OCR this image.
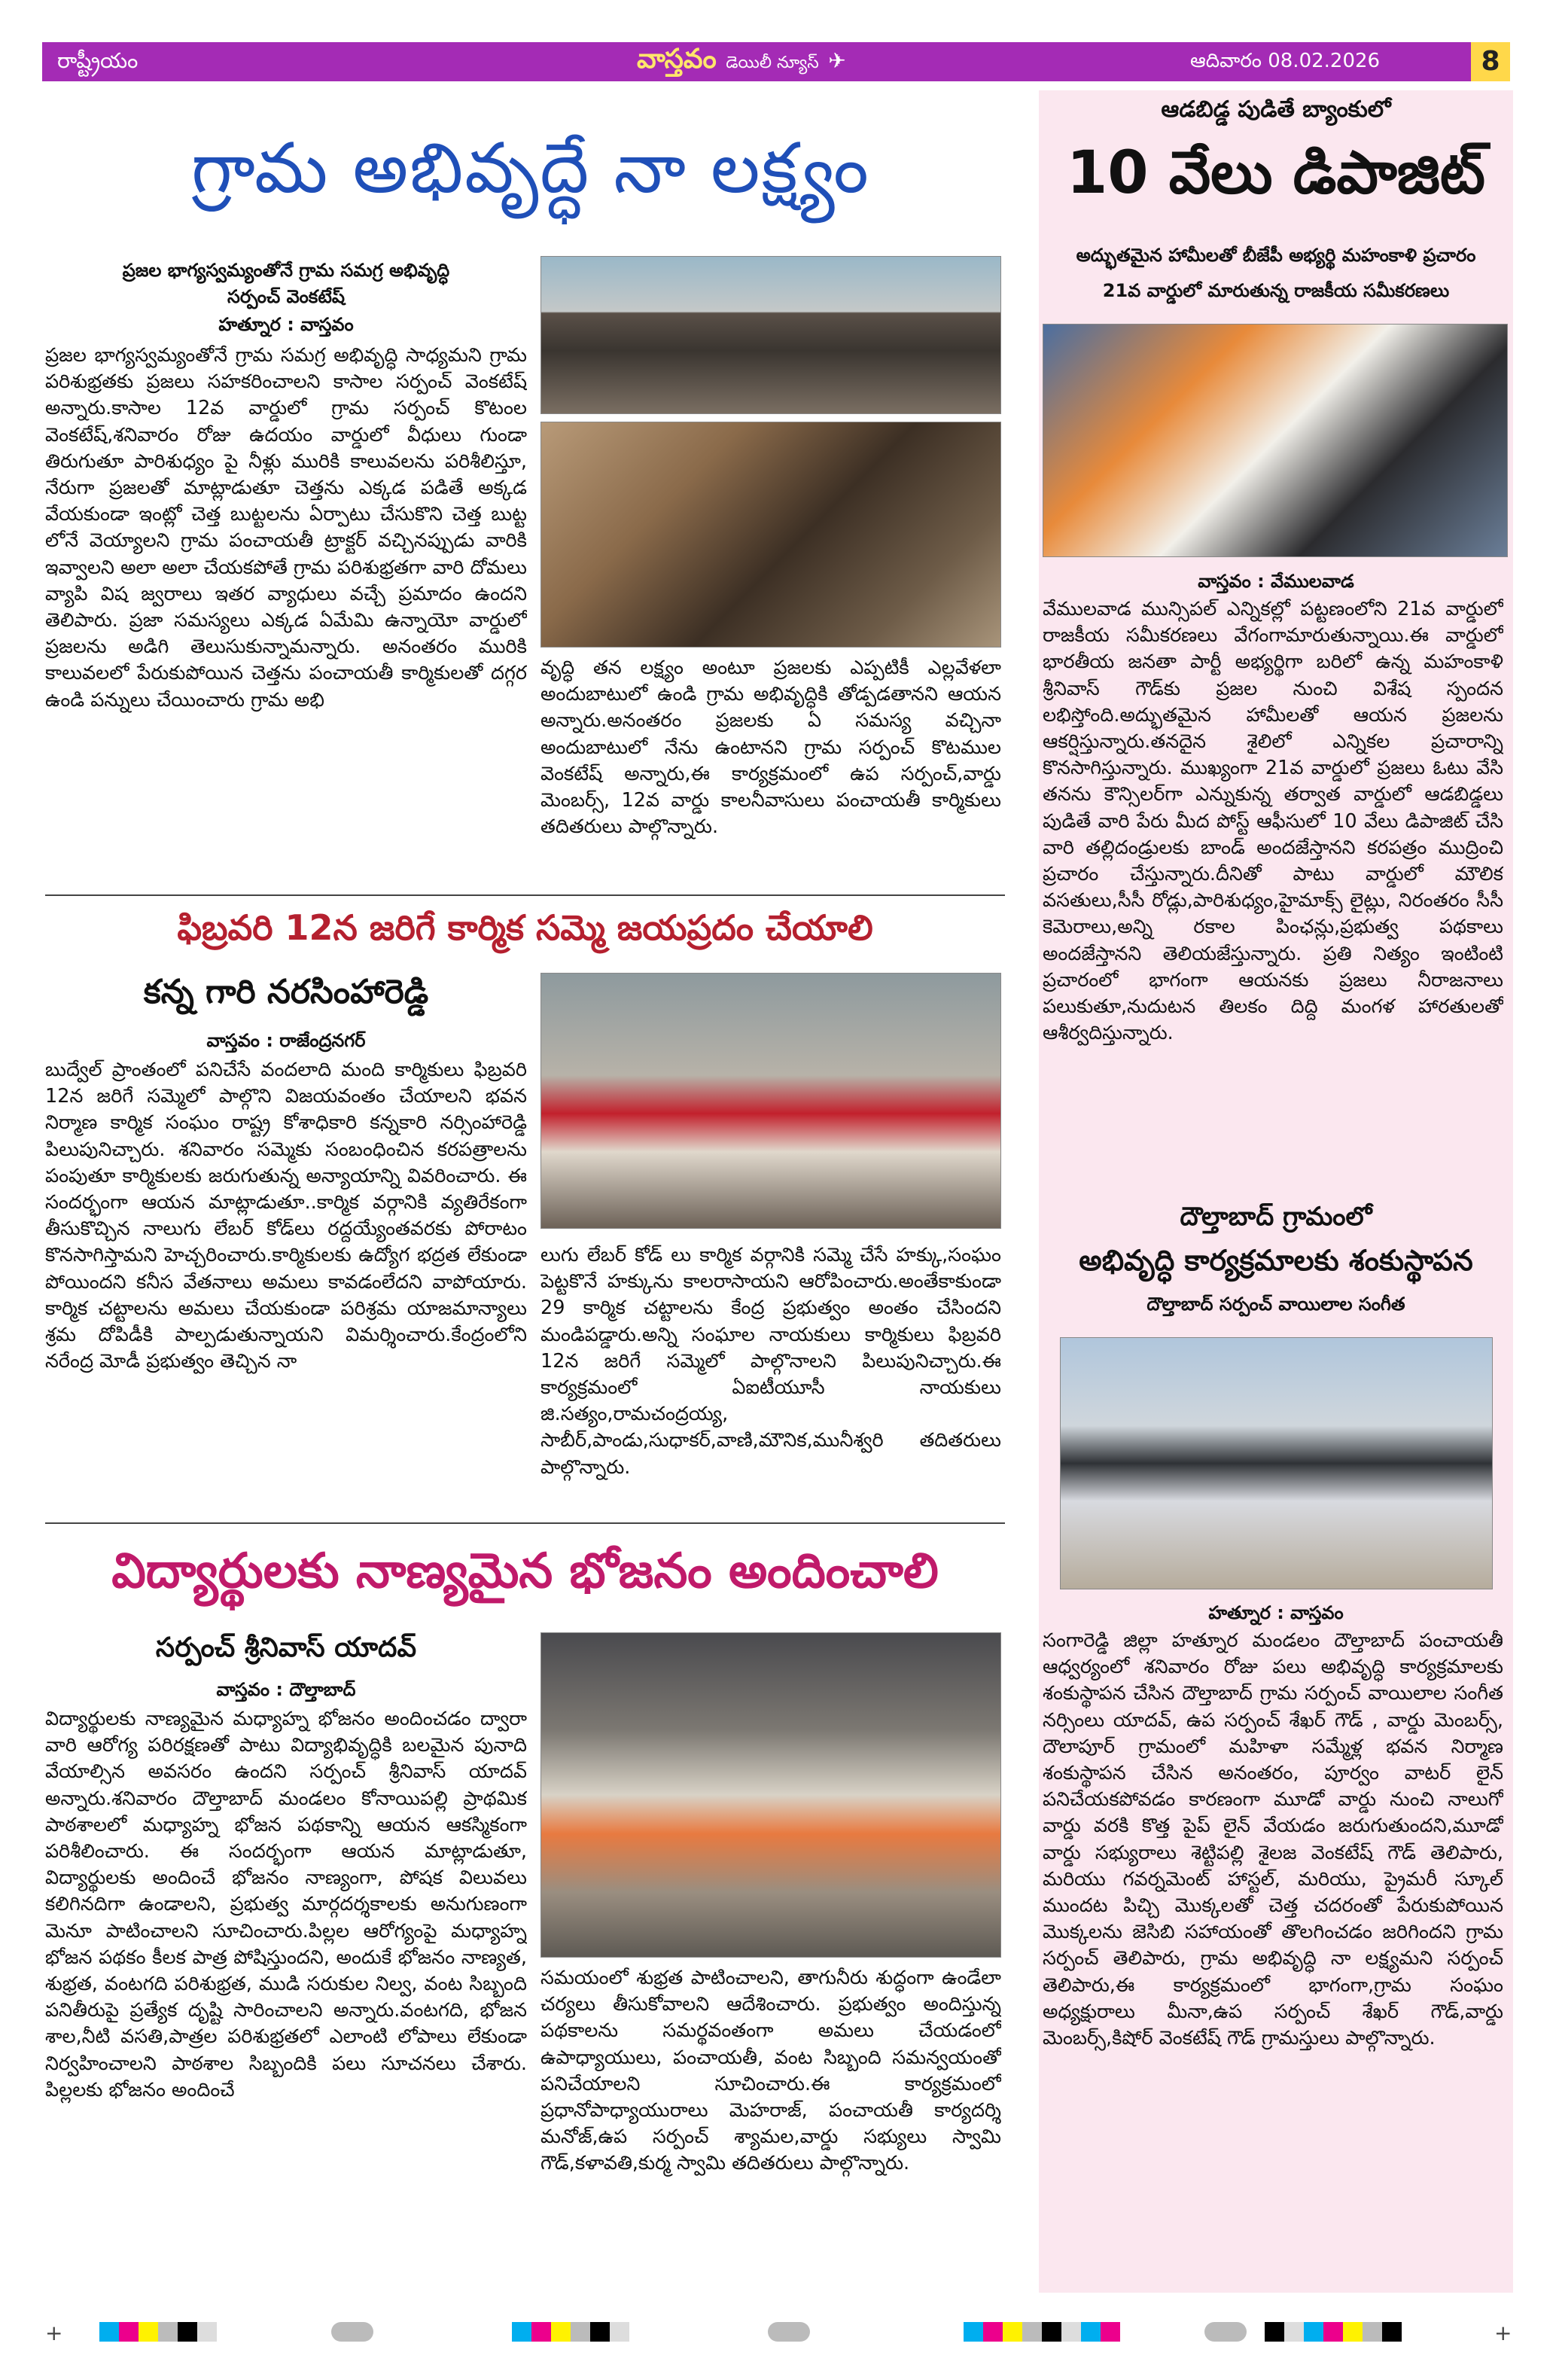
రాష్ట్రీయం	వాస్తవం డెయిలీ న్యూస్ ✈	ఆదివారం 08.02.2026	8
గ్రామ అభివృద్ధే నా లక్ష్యం
ప్రజల భాగ్యస్వమ్యంతోనే గ్రామ సమగ్ర అభివృద్ధి
సర్పంచ్ వెంకటేష్
హత్నూర : వాస్తవం
ప్రజల భాగ్యస్వమ్యంతోనే గ్రామ సమగ్ర అభివృద్ధి సాధ్యమని గ్రామ పరిశుభ్రతకు ప్రజలు సహకరించాలని కాసాల సర్పంచ్ వెంకటేష్ అన్నారు.కాసాల 12వ వార్డులో గ్రామ సర్పంచ్ కొటంల వెంకటేష్,శనివారం రోజు ఉదయం వార్డులో వీధులు గుండా తిరుగుతూ పారిశుధ్యం పై నీళ్లు మురికి కాలువలను పరిశీలిస్తూ, నేరుగా ప్రజలతో మాట్లాడుతూ చెత్తను ఎక్కడ పడితే అక్కడ వేయకుండా ఇంట్లో చెత్త బుట్టలను ఏర్పాటు చేసుకొని చెత్త బుట్ట లోనే వెయ్యాలని గ్రామ పంచాయతీ ట్రాక్టర్ వచ్చినప్పుడు వారికి ఇవ్వాలని అలా అలా చేయకపోతే గ్రామ పరిశుభ్రతగా వారి దోమలు వ్యాపి విష జ్వరాలు ఇతర వ్యాధులు వచ్చే ప్రమాదం ఉందని తెలిపారు. ప్రజా సమస్యలు ఎక్కడ ఏమేమి ఉన్నాయో వార్డులో ప్రజలను అడిగి తెలుసుకున్నామన్నారు. అనంతరం మురికి కాలువలలో పేరుకుపోయిన చెత్తను పంచాయతీ కార్మికులతో దగ్గర ఉండి పన్నులు చేయించారు గ్రామ అభి
వృద్ధి తన లక్ష్యం అంటూ ప్రజలకు ఎప్పటికీ ఎల్లవేళలా అందుబాటులో ఉండి గ్రామ అభివృద్ధికి తోడ్పడతానని ఆయన అన్నారు.అనంతరం ప్రజలకు ఏ సమస్య వచ్చినా అందుబాటులో నేను ఉంటానని గ్రామ సర్పంచ్ కొటముల వెంకటేష్ అన్నారు,ఈ కార్యక్రమంలో ఉప సర్పంచ్,వార్డు మెంబర్స్, 12వ వార్డు కాలనీవాసులు పంచాయతీ కార్మికులు తదితరులు పాల్గొన్నారు.
ఫిబ్రవరి 12న జరిగే కార్మిక సమ్మె జయప్రదం చేయాలి
కన్న గారి నరసింహారెడ్డి
వాస్తవం : రాజేంద్రనగర్
బుద్వేల్ ప్రాంతంలో పనిచేసే వందలాది మంది కార్మికులు ఫిబ్రవరి 12న జరిగే సమ్మెలో పాల్గొని విజయవంతం చేయాలని భవన నిర్మాణ కార్మిక సంఘం రాష్ట్ర కోశాధికారి కన్నకారి నర్సింహారెడ్డి పిలుపునిచ్చారు. శనివారం సమ్మెకు సంబంధించిన కరపత్రాలను పంపుతూ కార్మికులకు జరుగుతున్న అన్యాయాన్ని వివరించారు. ఈ సందర్భంగా ఆయన మాట్లాడుతూ..కార్మిక వర్గానికి వ్యతిరేకంగా తీసుకొచ్చిన నాలుగు లేబర్ కోడ్‌లు రద్దయ్యేంతవరకు పోరాటం కొనసాగిస్తామని హెచ్చరించారు.కార్మికులకు ఉద్యోగ భద్రత లేకుండా పోయిందని కనీస వేతనాలు అమలు కావడంలేదని వాపోయారు. కార్మిక చట్టాలను అమలు చేయకుండా పరిశ్రమ యాజమాన్యాలు శ్రమ దోపిడీకి పాల్పడుతున్నాయని విమర్శించారు.కేంద్రంలోని నరేంద్ర మోడీ ప్రభుత్వం తెచ్చిన నా
లుగు లేబర్ కోడ్ లు కార్మిక వర్గానికి సమ్మె చేసే హక్కు,సంఘం పెట్టకొనే హక్కును కాలరాసాయని ఆరోపించారు.అంతేకాకుండా 29 కార్మిక చట్టాలను కేంద్ర ప్రభుత్వం అంతం చేసిందని మండిపడ్డారు.అన్ని సంఘాల నాయకులు కార్మికులు ఫిబ్రవరి 12న జరిగే సమ్మెలో పాల్గొనాలని పిలుపునిచ్చారు.ఈ కార్యక్రమంలో ఏఐటీయూసీ నాయకులు జి.సత్యం,రామచంద్రయ్య, సాబీర్,పాండు,సుధాకర్,వాణి,మౌనిక,మునీశ్వరి తదితరులు పాల్గొన్నారు.
విద్యార్థులకు నాణ్యమైన భోజనం అందించాలి
సర్పంచ్ శ్రీనివాస్ యాదవ్
వాస్తవం : దౌల్తాబాద్
విద్యార్థులకు నాణ్యమైన మధ్యాహ్న భోజనం అందించడం ద్వారా వారి ఆరోగ్య పరిరక్షణతో పాటు విద్యాభివృద్ధికి బలమైన పునాది వేయాల్సిన అవసరం ఉందని సర్పంచ్ శ్రీనివాస్ యాదవ్ అన్నారు.శనివారం దౌల్తాబాద్ మండలం కోనాయిపల్లి ప్రాథమిక పాఠశాలలో మధ్యాహ్న భోజన పథకాన్ని ఆయన ఆకస్మికంగా పరిశీలించారు. ఈ సందర్భంగా ఆయన మాట్లాడుతూ, విద్యార్థులకు అందించే భోజనం నాణ్యంగా, పోషక విలువలు కలిగినదిగా ఉండాలని, ప్రభుత్వ మార్గదర్శకాలకు అనుగుణంగా మెనూ పాటించాలని సూచించారు.పిల్లల ఆరోగ్యంపై మధ్యాహ్న భోజన పథకం కీలక పాత్ర పోషిస్తుందని, అందుకే భోజనం నాణ్యత, శుభ్రత, వంటగది పరిశుభ్రత, ముడి సరుకుల నిల్వ, వంట సిబ్బంది పనితీరుపై ప్రత్యేక దృష్టి సారించాలని అన్నారు.వంటగది, భోజన శాల,నీటి వసతి,పాత్రల పరిశుభ్రతలో ఎలాంటి లోపాలు లేకుండా నిర్వహించాలని పాఠశాల సిబ్బందికి పలు సూచనలు చేశారు. పిల్లలకు భోజనం అందించే
సమయంలో శుభ్రత పాటించాలని, తాగునీరు శుద్ధంగా ఉండేలా చర్యలు తీసుకోవాలని ఆదేశించారు. ప్రభుత్వం అందిస్తున్న పథకాలను సమర్థవంతంగా అమలు చేయడంలో ఉపాధ్యాయులు, పంచాయతీ, వంట సిబ్బంది సమన్వయంతో పనిచేయాలని సూచించారు.ఈ కార్యక్రమంలో ప్రధానోపాధ్యాయురాలు మెహరాజ్, పంచాయతీ కార్యదర్శి మనోజ్,ఉప సర్పంచ్ శ్యామల,వార్డు సభ్యులు స్వామి గౌడ్,కళావతి,కుర్మ స్వామి తదితరులు పాల్గొన్నారు.
ఆడబిడ్డ పుడితే బ్యాంకులో
10 వేలు డిపాజిట్
అద్భుతమైన హామీలతో బీజేపీ అభ్యర్థి మహంకాళి ప్రచారం
21వ వార్డులో మారుతున్న రాజకీయ సమీకరణలు
వాస్తవం : వేములవాడ
వేములవాడ మున్సిపల్ ఎన్నికల్లో పట్టణంలోని 21వ వార్డులో రాజకీయ సమీకరణలు వేగంగామారుతున్నాయి.ఈ వార్డులో భారతీయ జనతా పార్టీ అభ్యర్థిగా బరిలో ఉన్న మహంకాళి శ్రీనివాస్ గౌడ్‌కు ప్రజల నుంచి విశేష స్పందన లభిస్తోంది.అద్భుతమైన హామీలతో ఆయన ప్రజలను ఆకర్షిస్తున్నారు.తనదైన శైలిలో ఎన్నికల ప్రచారాన్ని కొనసాగిస్తున్నారు. ముఖ్యంగా 21వ వార్డులో ప్రజలు ఓటు వేసి తనను కౌన్సిలర్‌గా ఎన్నుకున్న తర్వాత వార్డులో ఆడబిడ్డలు పుడితే వారి పేరు మీద పోస్ట్ ఆఫీసులో 10 వేలు డిపాజిట్ చేసి వారి తల్లిదండ్రులకు బాండ్ అందజేస్తానని కరపత్రం ముద్రించి ప్రచారం చేస్తున్నారు.దీనితో పాటు వార్డులో మౌలిక వసతులు,సీసీ రోడ్లు,పారిశుధ్యం,హైమాక్స్ లైట్లు, నిరంతరం సీసీ కెమెరాలు,అన్ని రకాల పింఛన్లు,ప్రభుత్వ పథకాలు అందజేస్తానని తెలియజేస్తున్నారు. ప్రతి నిత్యం ఇంటింటి ప్రచారంలో భాగంగా ఆయనకు ప్రజలు నీరాజనాలు పలుకుతూ,నుదుటన తిలకం దిద్ది మంగళ హారతులతో ఆశీర్వదిస్తున్నారు.
దౌల్తాబాద్ గ్రామంలో
అభివృద్ధి కార్యక్రమాలకు శంకుస్థాపన
దౌల్తాబాద్ సర్పంచ్ వాయిలాల సంగీత
హత్నూర : వాస్తవం
సంగారెడ్డి జిల్లా హత్నూర మండలం దౌల్తాబాద్ పంచాయతీ ఆధ్వర్యంలో శనివారం రోజు పలు అభివృద్ధి కార్యక్రమాలకు శంకుస్థాపన చేసిన దౌల్తాబాద్ గ్రామ సర్పంచ్ వాయిలాల సంగీత నర్సింలు యాదవ్, ఉప సర్పంచ్ శేఖర్ గౌడ్ , వార్డు మెంబర్స్, దౌలాపూర్ గ్రామంలో మహిళా సమ్మేళ్ల భవన నిర్మాణ శంకుస్థాపన చేసిన అనంతరం, పూర్వం వాటర్ లైన్ పనిచేయకపోవడం కారణంగా మూడో వార్డు నుంచి నాలుగో వార్డు వరకి కొత్త పైప్ లైన్ వేయడం జరుగుతుందని,మూడో వార్డు సభ్యురాలు శెట్టిపల్లి శైలజ వెంకటేష్ గౌడ్ తెలిపారు, మరియు గవర్నమెంట్ హాస్టల్, మరియు, ప్రైమరీ స్కూల్ ముందట పిచ్చి మొక్కలతో చెత్త చదరంతో పేరుకుపోయిన మొక్కలను జెసిబి సహాయంతో తొలగించడం జరిగిందని గ్రామ సర్పంచ్ తెలిపారు, గ్రామ అభివృద్ధి నా లక్ష్యమని సర్పంచ్ తెలిపారు,ఈ కార్యక్రమంలో భాగంగా,గ్రామ సంఘం అధ్యక్షురాలు మీనా,ఉప సర్పంచ్ శేఖర్ గౌడ్,వార్డు మెంబర్స్,కిషోర్ వెంకటేష్ గౌడ్ గ్రామస్తులు పాల్గొన్నారు.
+	+
